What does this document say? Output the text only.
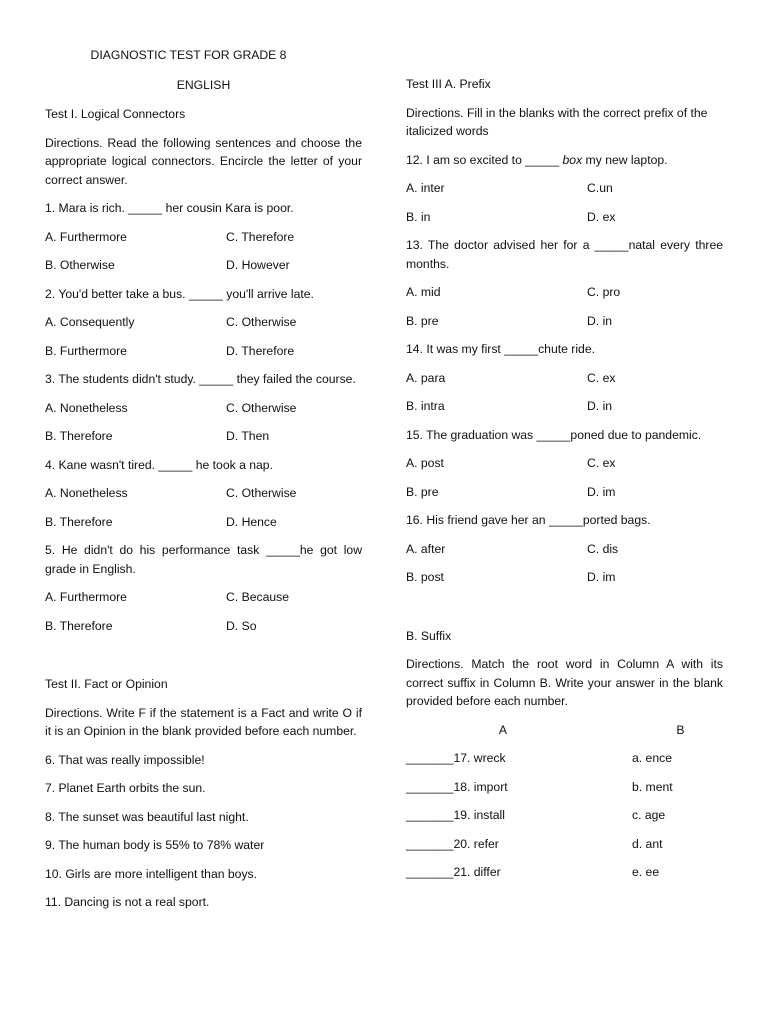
DIAGNOSTIC TEST FOR GRADE 8

ENGLISH

Test I. Logical Connectors

Directions. Read the following sentences and choose the appropriate logical connectors. Encircle the letter of your correct answer.

1. Mara is rich. _____ her cousin Kara is poor.

A. Furthermore	C. Therefore
B. Otherwise	D. However

2. You'd better take a bus. _____ you'll arrive late.

A. Consequently	C. Otherwise
B. Furthermore	D. Therefore

3. The students didn't study. _____ they failed the course.

A. Nonetheless	C. Otherwise
B. Therefore	D. Then

4. Kane wasn't tired. _____ he took a nap.

A. Nonetheless	C. Otherwise
B. Therefore	D. Hence

5. He didn't do his performance task _____he got low grade in English.

A. Furthermore	C. Because
B. Therefore	D. So

Test II. Fact or Opinion

Directions. Write F if the statement is a Fact and write O if it is an Opinion in the blank provided before each number.

6. That was really impossible!

7. Planet Earth orbits the sun.

8. The sunset was beautiful last night.

9. The human body is 55% to 78% water

10. Girls are more intelligent than boys.

11. Dancing is not a real sport.

Test III A. Prefix

Directions. Fill in the blanks with the correct prefix of the italicized words

12. I am so excited to _____ box my new laptop.

A. inter	C.un
B. in	D. ex

13. The doctor advised her for a _____natal every three months.

A. mid	C. pro
B. pre	D. in

14. It was my first _____chute ride.

A. para	C. ex
B. intra	D. in

15. The graduation was _____poned due to pandemic.

A. post	C. ex
B. pre	D. im

16. His friend gave her an _____ported bags.

A. after	C. dis
B. post	D. im

B. Suffix

Directions. Match the root word in Column A with its correct suffix in Column B. Write your answer in the blank provided before each number.

A	B
_______17. wreck	a. ence
_______18. import	b. ment
_______19. install	c. age
_______20. refer	d. ant
_______21. differ	e. ee
